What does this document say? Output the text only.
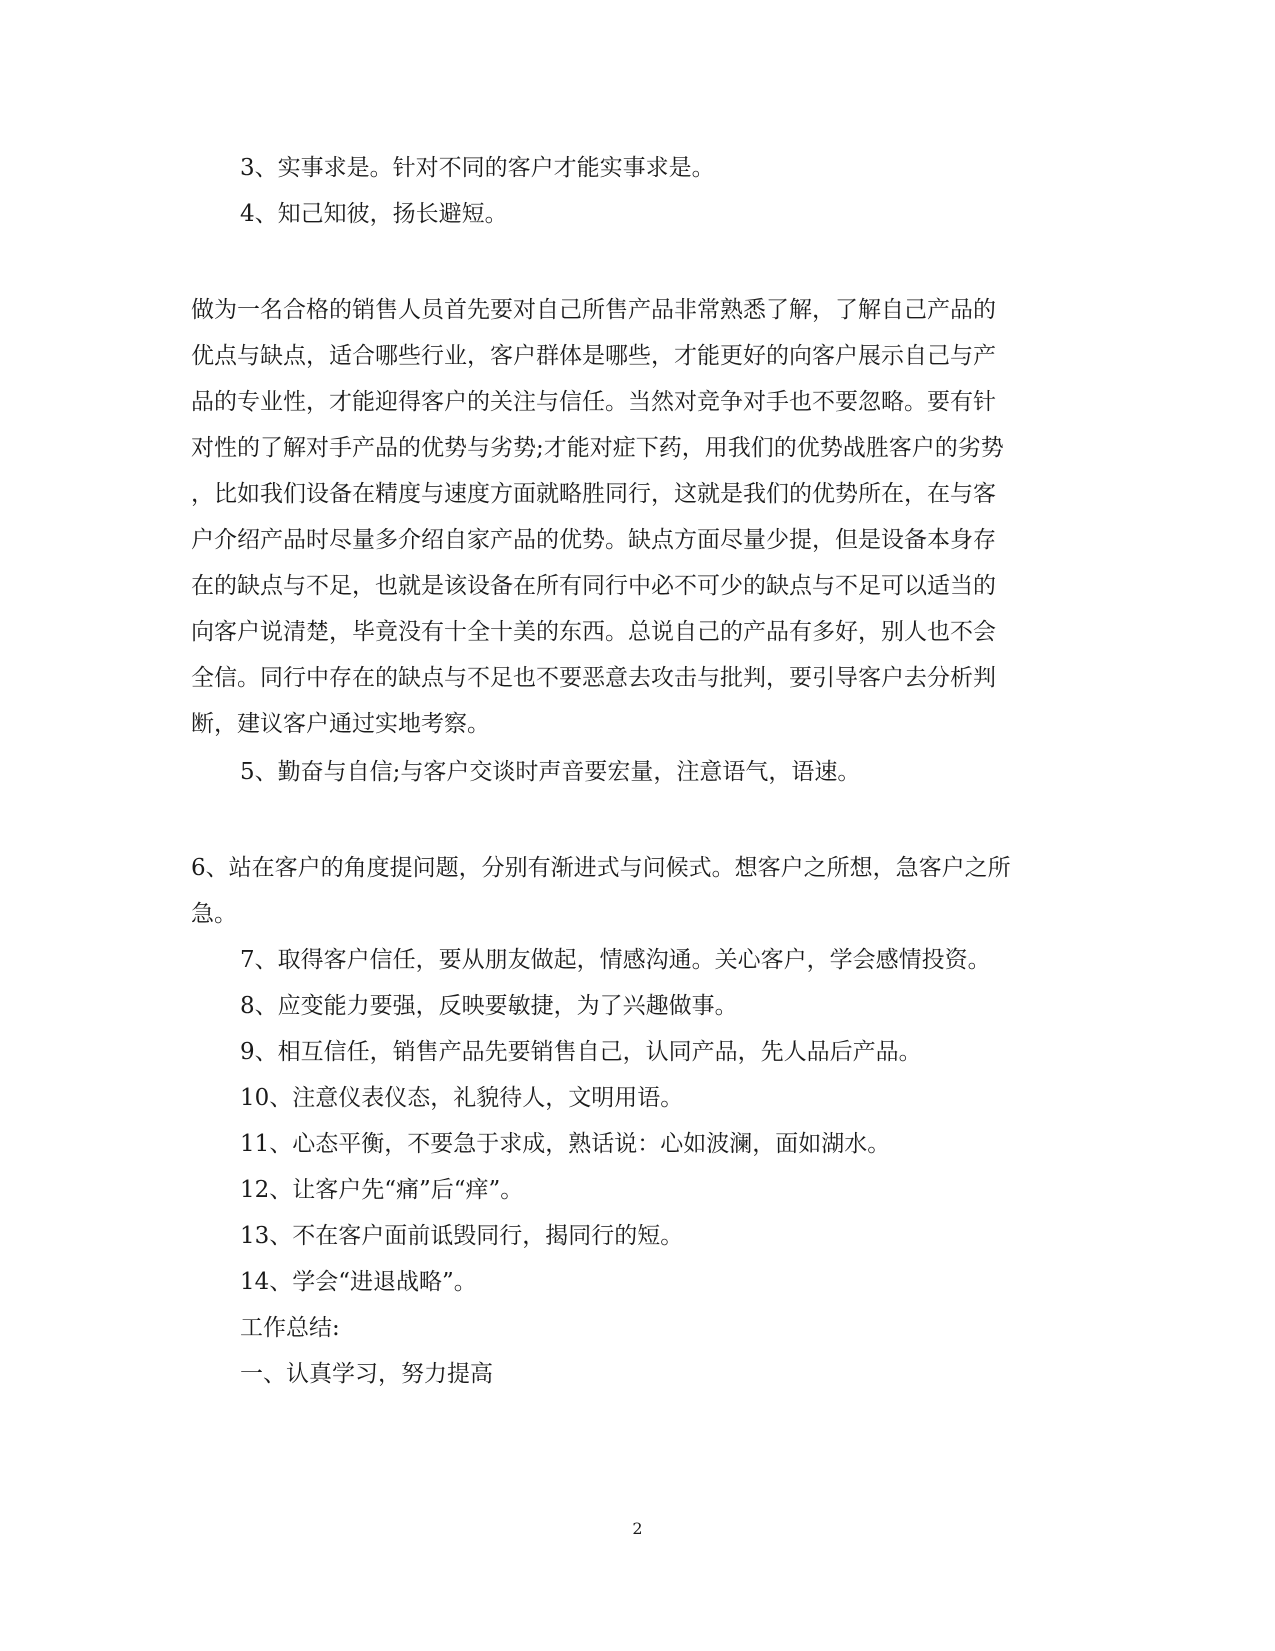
3、实事求是。针对不同的客户才能实事求是。
4、知己知彼，扬长避短。
做为一名合格的销售人员首先要对自己所售产品非常熟悉了解，了解自己产品的
优点与缺点，适合哪些行业，客户群体是哪些，才能更好的向客户展示自己与产
品的专业性，才能迎得客户的关注与信任。当然对竞争对手也不要忽略。要有针
对性的了解对手产品的优势与劣势;才能对症下药，用我们的优势战胜客户的劣势
，比如我们设备在精度与速度方面就略胜同行，这就是我们的优势所在，在与客
户介绍产品时尽量多介绍自家产品的优势。缺点方面尽量少提，但是设备本身存
在的缺点与不足，也就是该设备在所有同行中必不可少的缺点与不足可以适当的
向客户说清楚，毕竟没有十全十美的东西。总说自己的产品有多好，别人也不会
全信。同行中存在的缺点与不足也不要恶意去攻击与批判，要引导客户去分析判
断，建议客户通过实地考察。
5、勤奋与自信;与客户交谈时声音要宏量，注意语气，语速。
6、站在客户的角度提问题，分别有渐进式与问候式。想客户之所想，急客户之所
急。
7、取得客户信任，要从朋友做起，情感沟通。关心客户，学会感情投资。
8、应变能力要强，反映要敏捷，为了兴趣做事。
9、相互信任，销售产品先要销售自己，认同产品，先人品后产品。
10、注意仪表仪态，礼貌待人，文明用语。
11、心态平衡，不要急于求成，熟话说：心如波澜，面如湖水。
12、让客户先“痛”后“痒”。
13、不在客户面前诋毁同行，揭同行的短。
14、学会“进退战略”。
工作总结:
一、认真学习，努力提高
2
